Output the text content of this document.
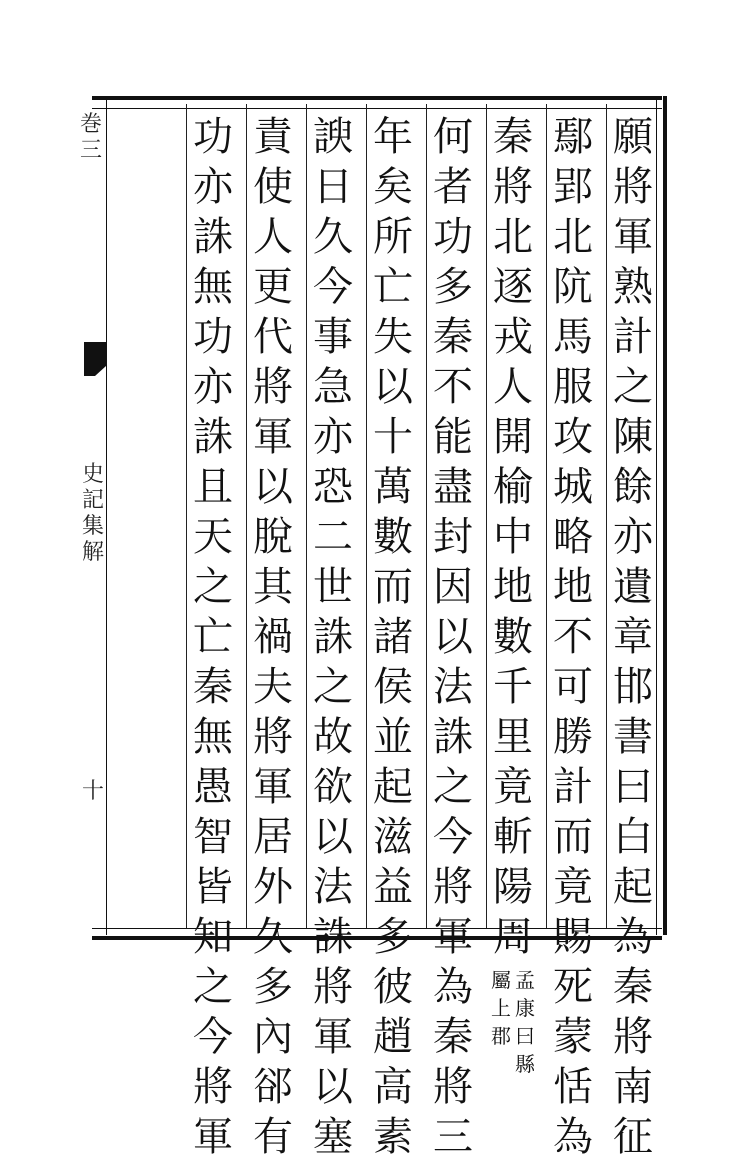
巻
三
史
記
集
解
十
願
將
軍
熟
計
之
陳
餘
亦
遺
章
邯
書
曰
白
起
為
秦
將
南
征
鄢
郢
北
阬
馬
服
攻
城
略
地
不
可
勝
計
而
竟
賜
死
蒙
恬
為
秦
將
北
逐
戎
人
開
榆
中
地
數
千
里
竟
斬
陽
周
孟
康
曰
縣
屬
上
郡
何
者
功
多
秦
不
能
盡
封
因
以
法
誅
之
今
將
軍
為
秦
將
三
年
矣
所
亡
失
以
十
萬
數
而
諸
侯
並
起
滋
益
多
彼
趙
高
素
諛
日
久
今
事
急
亦
恐
二
世
誅
之
故
欲
以
法
誅
將
軍
以
塞
責
使
人
更
代
將
軍
以
脫
其
禍
夫
將
軍
居
外
久
多
內
郤
有
功
亦
誅
無
功
亦
誅
且
天
之
亡
秦
無
愚
智
皆
知
之
今
將
軍
